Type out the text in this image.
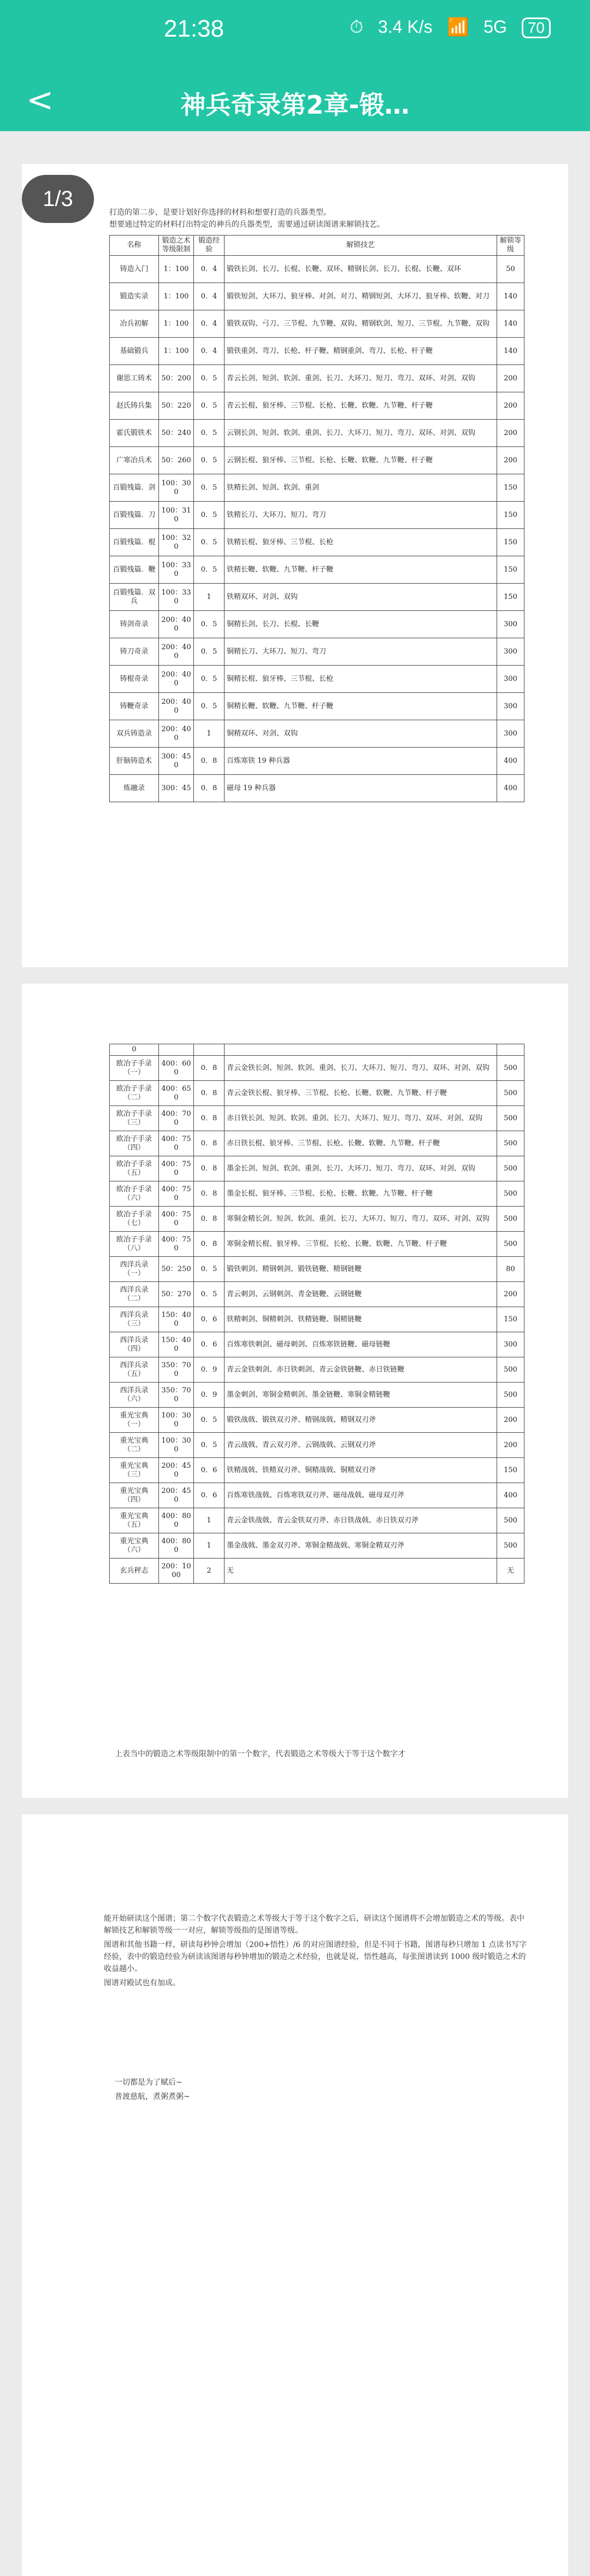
21:38	⏱ 3.4 K/s 📶 5G 70
<	神兵奇录第2章-锻…
1/3

打造的第二步，是要计划好你选择的材料和想要打造的兵器类型。

想要通过特定的材料打出特定的神兵的兵器类型，需要通过研读图谱来解锁技艺。

名称	锻造之术等级限制	锻造经验	解锁技艺	解锁等级
铸造入门	1：100	0．4	锻铁长剑、长刀、长棍、长鞭、双环、精钢长剑、长刀、长棍、长鞭、双环	50
锻造实录	1：100	0．4	锻铁短剑、大环刀、狼牙棒、对剑、对刀、精钢短剑、大环刀、狼牙棒、软鞭、对刀	140
冶兵初解	1：100	0．4	锻铁双钩、弓刀、三节棍、九节鞭、双钩、精钢软剑、短刀、三节棍、九节鞭、双钩	140
基础锻兵	1：100	0．4	锻铁重剑、弯刀、长枪、杆子鞭、精钢重剑、弯刀、长枪、杆子鞭	140
谢思工铸术	50：200	0．5	青云长剑、短剑、软剑、重剑、长刀、大环刀、短刀、弯刀、双环、对剑、双钩	200
赵氏铸兵集	50：220	0．5	青云长棍、狼牙棒、三节棍、长枪、长鞭、软鞭、九节鞭、杆子鞭	200
霍氏锻铁术	50：240	0．5	云钢长剑、短剑、软剑、重剑、长刀、大环刀、短刀、弯刀、双环、对剑、双钩	200
广寒冶兵术	50：260	0．5	云钢长棍、狼牙棒、三节棍、长枪、长鞭、软鞭、九节鞭、杆子鞭	200
百锻残篇．剑	100：30 0	0．5	铁精长剑、短剑、软剑、重剑	150
百锻残篇．刀	100：31 0	0．5	铁精长刀、大环刀、短刀、弯刀	150
百锻残篇．棍	100：32 0	0．5	铁精长棍、狼牙棒、三节棍、长枪	150
百锻残篇．鞭	100：33 0	0．5	铁精长鞭、软鞭、九节鞭、杆子鞭	150
百锻残篇．双兵	100：33 0	1	铁精双环、对剑、双钩	150
铸剑奇录	200：40 0	0．5	铜精长剑、长刀、长棍、长鞭	300
铸刀奇录	200：40 0	0．5	铜精长刀、大环刀、短刀、弯刀	300
铸棍奇录	200：40 0	0．5	铜精长棍、狼牙棒、三节棍、长枪	300
铸鞭奇录	200：40 0	0．5	铜精长鞭、软鞭、九节鞭、杆子鞭	300
双兵铸造录	200：40 0	1	铜精双环、对剑、双钩	300
肝脑铸造术	300：45 0	0．8	百炼寒铁 19 种兵器	400
炼融录	300：45	0．8	磁母 19 种兵器	400
0				
欧冶子手录（一）	400：60 0	0．8	青云金铁长剑、短剑、软剑、重剑、长刀、大环刀、短刀、弯刀、双环、对剑、双钩	500
欧冶子手录（二）	400：65 0	0．8	青云金铁长棍、狼牙棒、三节棍、长枪、长鞭、软鞭、九节鞭、杆子鞭	500
欧冶子手录（三）	400：70 0	0．8	赤日铁长剑、短剑、软剑、重剑、长刀、大环刀、短刀、弯刀、双环、对剑、双钩	500
欧冶子手录（四）	400：75 0	0．8	赤日铁长棍、狼牙棒、三节棍、长枪、长鞭、软鞭、九节鞭、杆子鞭	500
欧冶子手录（五）	400：75 0	0．8	墨金长剑、短剑、软剑、重剑、长刀、大环刀、短刀、弯刀、双环、对剑、双钩	500
欧冶子手录（六）	400：75 0	0．8	墨金长棍、狼牙棒、三节棍、长枪、长鞭、软鞭、九节鞭、杆子鞭	500
欧冶子手录（七）	400：75 0	0．8	寒铜金精长剑、短剑、软剑、重剑、长刀、大环刀、短刀、弯刀、双环、对剑、双钩	500
欧冶子手录（八）	400：75 0	0．8	寒铜金精长棍、狼牙棒、三节棍、长枪、长鞭、软鞭、九节鞭、杆子鞭	500
西洋兵录（一）	50：250	0．5	锻铁刺剑、精钢刺剑、锻铁链鞭、精钢链鞭	80
西洋兵录（二）	50：270	0．5	青云刺剑、云钢刺剑、青金链鞭、云钢链鞭	200
西洋兵录（三）	150：40 0	0．6	铁精刺剑、铜精刺剑、铁精链鞭、铜精链鞭	150
西洋兵录（四）	150：40 0	0．6	百炼寒铁刺剑、磁母刺剑、百炼寒铁链鞭、磁母链鞭	300
西洋兵录（五）	350：70 0	0．9	青云金铁刺剑、赤日铁刺剑、青云金铁链鞭、赤日铁链鞭	500
西洋兵录（六）	350：70 0	0．9	墨金刺剑、寒铜金精刺剑、墨金链鞭、寒铜金精链鞭	500
重光宝典（一）	100：30 0	0．5	锻铁战戟、锻铁双刃斧、精钢战戟、精钢双刃斧	200
重光宝典（二）	100：30 0	0．5	青云战戟、青云双刃斧、云钢战戟、云钢双刃斧	200
重光宝典（三）	200：45 0	0．6	铁精战戟、铁精双刃斧、铜精战戟、铜精双刃斧	150
重光宝典（四）	200：45 0	0．6	百炼寒铁战戟、百炼寒铁双刃斧、磁母战戟、磁母双刃斧	400
重光宝典（五）	400：80 0	1	青云金铁战戟、青云金铁双刃斧、赤日铁战戟、赤日铁双刃斧	500
重光宝典（六）	400：80 0	1	墨金战戟、墨金双刃斧、寒铜金精战戟、寒铜金精双刃斧	500
玄兵秤志	200：1000	2	无	无
上表当中的锻造之术等级限制中的第一个数字，代表锻造之术等级大于等于这个数字才

能开始研读这个图谱；第二个数字代表锻造之术等级大于等于这个数字之后，研读这个图谱将不会增加锻造之术的等级。表中解锁技艺和解锁等级一一对应，解锁等级指的是图谱等级。

图谱和其他书籍一样，研读每秒钟会增加（200+悟性）/6 的对应图谱经验，但是不同于书籍，图谱每秒只增加 1 点读书写字经验，表中的锻造经验为研读该图谱每秒钟增加的锻造之术经验，也就是说，悟性越高，每张图谱读到 1000 级时锻造之术的收益越小。

图谱对殿试也有加成。

一切都是为了赋后~

普渡慈航，煮粥煮粥~
